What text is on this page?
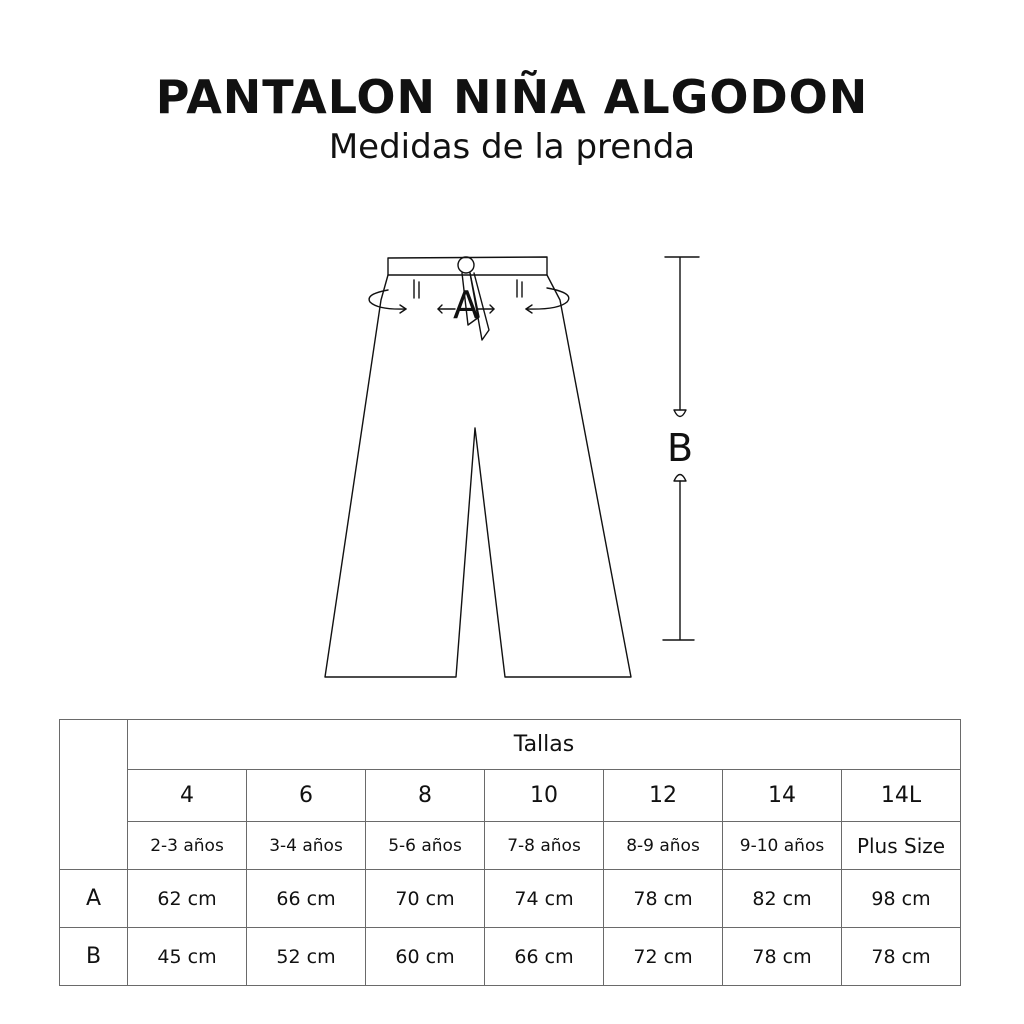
PANTALON NIÑA ALGODON
Medidas de la prenda
A
B
	Tallas						
	4	6	8	10	12	14	14L
	2-3 años	3-4 años	5-6 años	7-8 años	8-9 años	9-10 años	Plus Size
A	62 cm	66 cm	70 cm	74 cm	78 cm	82 cm	98 cm
B	45 cm	52 cm	60 cm	66 cm	72 cm	78 cm	78 cm
